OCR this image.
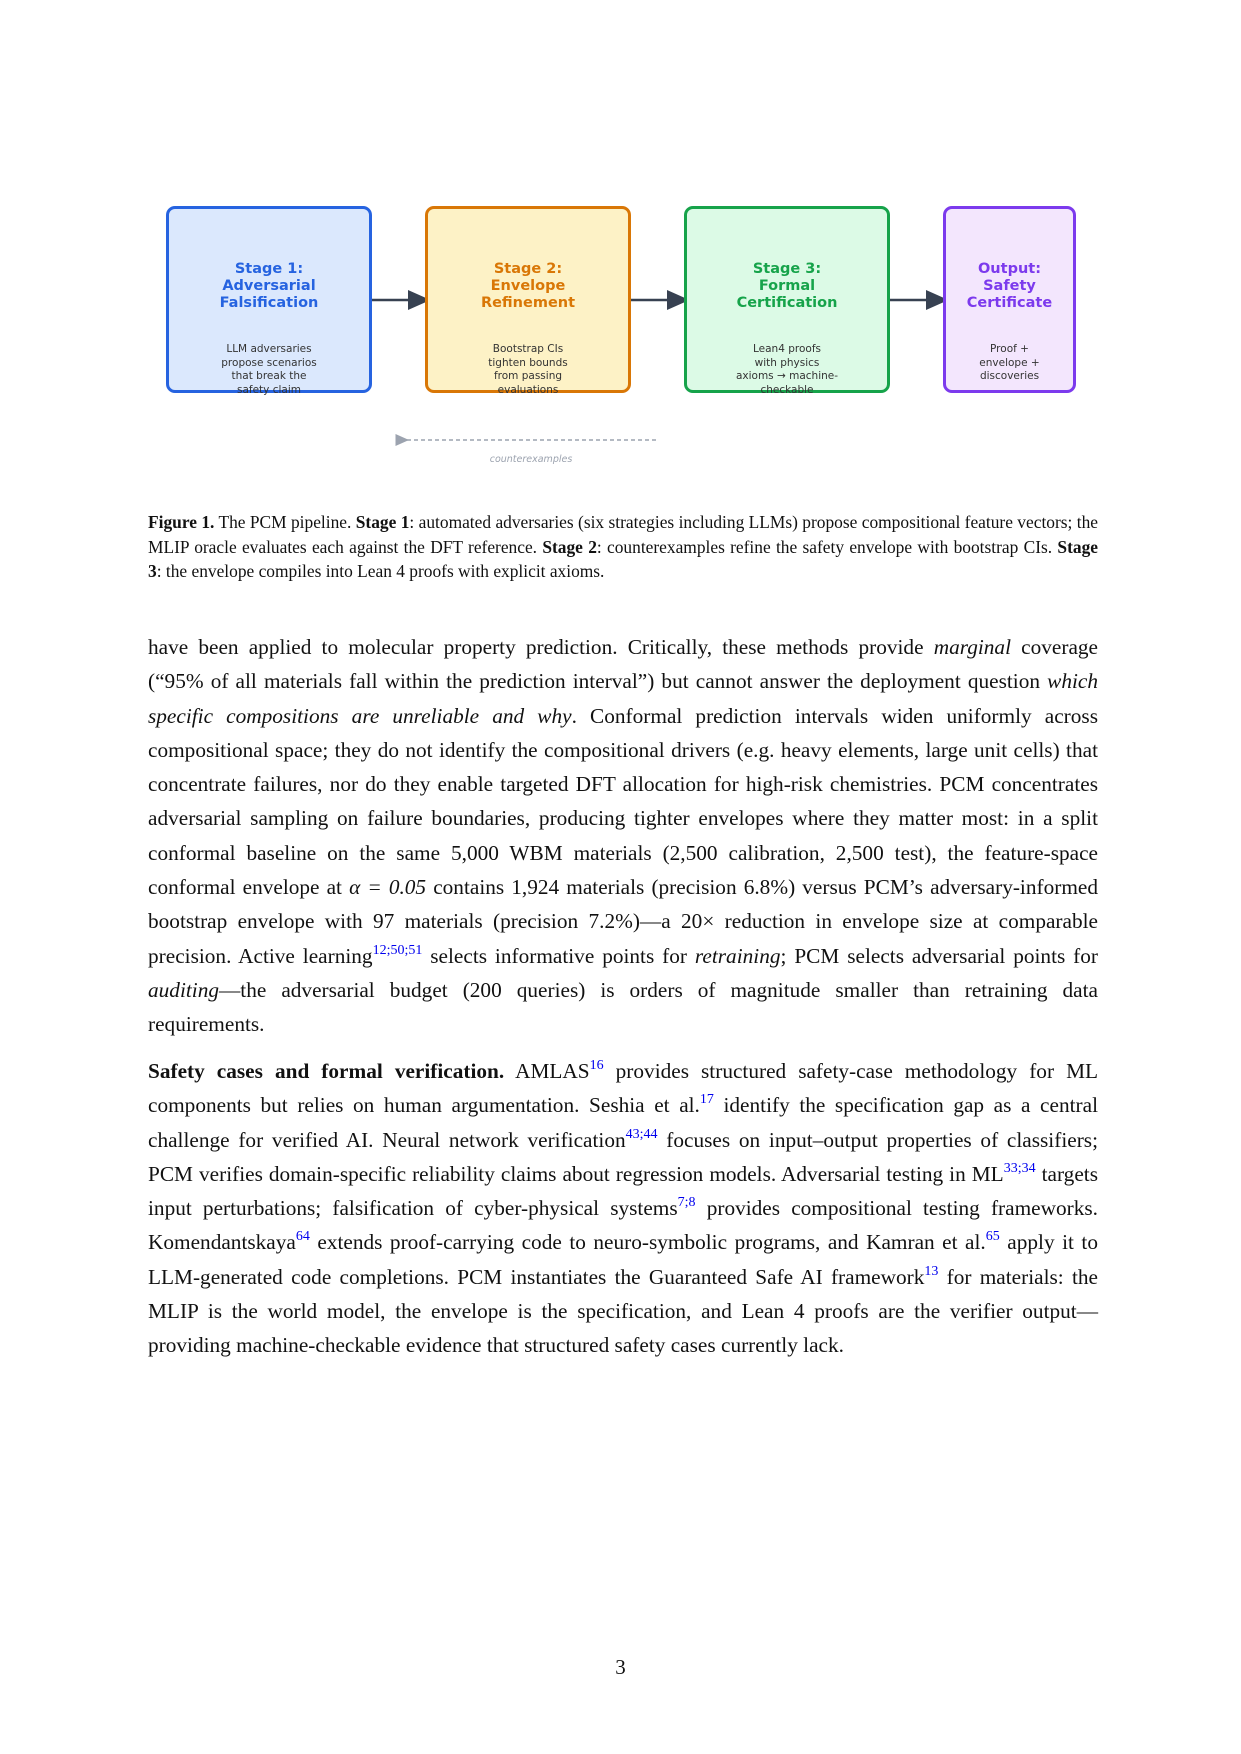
Stage 1:
Adversarial
Falsification
LLM adversaries
propose scenarios
that break the
safety claim
Stage 2:
Envelope
Refinement
Bootstrap CIs
tighten bounds
from passing
evaluations
Stage 3:
Formal
Certification
Lean4 proofs
with physics
axioms → machine-
checkable
Output:
Safety
Certificate
Proof +
envelope +
discoveries
counterexamples
Figure 1. The PCM pipeline. Stage 1: automated adversaries (six strategies including LLMs) propose compositional feature vectors; the MLIP oracle evaluates each against the DFT reference. Stage 2: counterexamples refine the safety envelope with bootstrap CIs. Stage 3: the envelope compiles into Lean 4 proofs with explicit axioms.
have been applied to molecular property prediction. Critically, these methods provide marginal coverage (“95% of all materials fall within the prediction interval”) but cannot answer the deployment question which specific compositions are unreliable and why. Conformal prediction intervals widen uniformly across compositional space; they do not identify the compositional drivers (e.g. heavy elements, large unit cells) that concentrate failures, nor do they enable targeted DFT allocation for high-risk chemistries. PCM concentrates adversarial sampling on failure boundaries, producing tighter envelopes where they matter most: in a split conformal baseline on the same 5,000 WBM materials (2,500 calibration, 2,500 test), the feature-space conformal envelope at α = 0.05 contains 1,924 materials (precision 6.8%) versus PCM’s adversary-informed bootstrap envelope with 97 materials (precision 7.2%)—a 20× reduction in envelope size at comparable precision. Active learning$^{12;50;51}$ selects informative points for retraining; PCM selects adversarial points for auditing—the adversarial budget (200 queries) is orders of magnitude smaller than retraining data requirements.
Safety cases and formal verification. AMLAS$^{16}$ provides structured safety-case methodology for ML components but relies on human argumentation. Seshia et al.$^{17}$ identify the specification gap as a central challenge for verified AI. Neural network verification$^{43;44}$ focuses on input–output properties of classifiers; PCM verifies domain-specific reliability claims about regression models. Adversarial testing in ML$^{33;34}$ targets input perturbations; falsification of cyber-physical systems$^{7;8}$ provides compositional testing frameworks. Komendantskaya$^{64}$ extends proof-carrying code to neuro-symbolic programs, and Kamran et al.$^{65}$ apply it to LLM-generated code completions. PCM instantiates the Guaranteed Safe AI framework$^{13}$ for materials: the MLIP is the world model, the envelope is the specification, and Lean 4 proofs are the verifier output—providing machine-checkable evidence that structured safety cases currently lack.
3
